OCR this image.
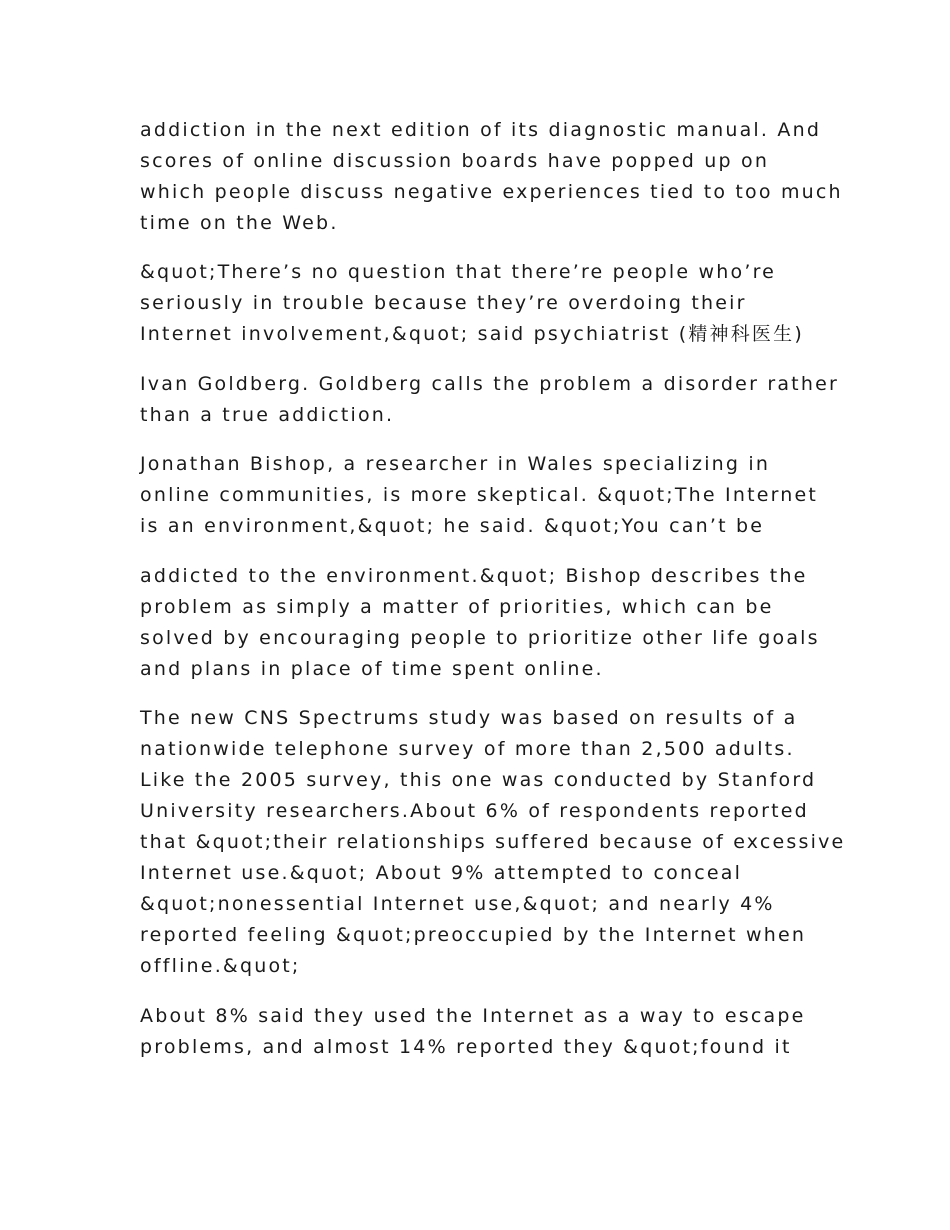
addiction in the next edition of its diagnostic manual. And
scores of online discussion boards have popped up on
which people discuss negative experiences tied to too much
time on the Web.
&quot;There’s no question that there’re people who’re
seriously in trouble because they’re overdoing their
Internet involvement,&quot; said psychiatrist (精神科医生)
Ivan Goldberg. Goldberg calls the problem a disorder rather
than a true addiction.
Jonathan Bishop, a researcher in Wales specializing in
online communities, is more skeptical. &quot;The Internet
is an environment,&quot; he said. &quot;You can’t be
addicted to the environment.&quot; Bishop describes the
problem as simply a matter of priorities, which can be
solved by encouraging people to prioritize other life goals
and plans in place of time spent online.
The new CNS Spectrums study was based on results of a
nationwide telephone survey of more than 2,500 adults.
Like the 2005 survey, this one was conducted by Stanford
University researchers.About 6% of respondents reported
that &quot;their relationships suffered because of excessive
Internet use.&quot; About 9% attempted to conceal
&quot;nonessential Internet use,&quot; and nearly 4%
reported feeling &quot;preoccupied by the Internet when
offline.&quot;
About 8% said they used the Internet as a way to escape
problems, and almost 14% reported they &quot;found it
